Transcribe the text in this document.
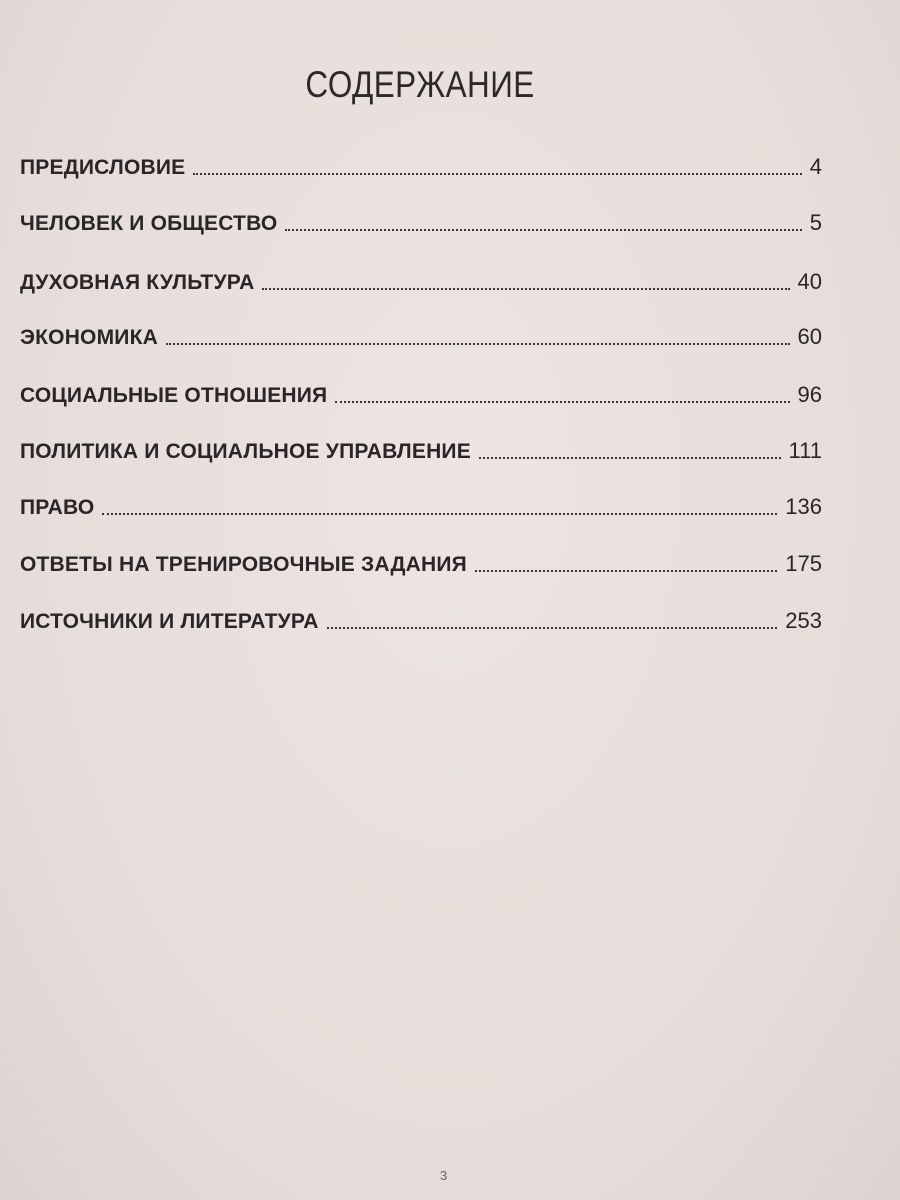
СОДЕРЖАНИЕ
ПРЕДИСЛОВИЕ	4
ЧЕЛОВЕК И ОБЩЕСТВО	5
ДУХОВНАЯ КУЛЬТУРА	40
ЭКОНОМИКА	60
СОЦИАЛЬНЫЕ ОТНОШЕНИЯ	96
ПОЛИТИКА И СОЦИАЛЬНОЕ УПРАВЛЕНИЕ	111
ПРАВО	136
ОТВЕТЫ НА ТРЕНИРОВОЧНЫЕ ЗАДАНИЯ	175
ИСТОЧНИКИ И ЛИТЕРАТУРА	253
3
